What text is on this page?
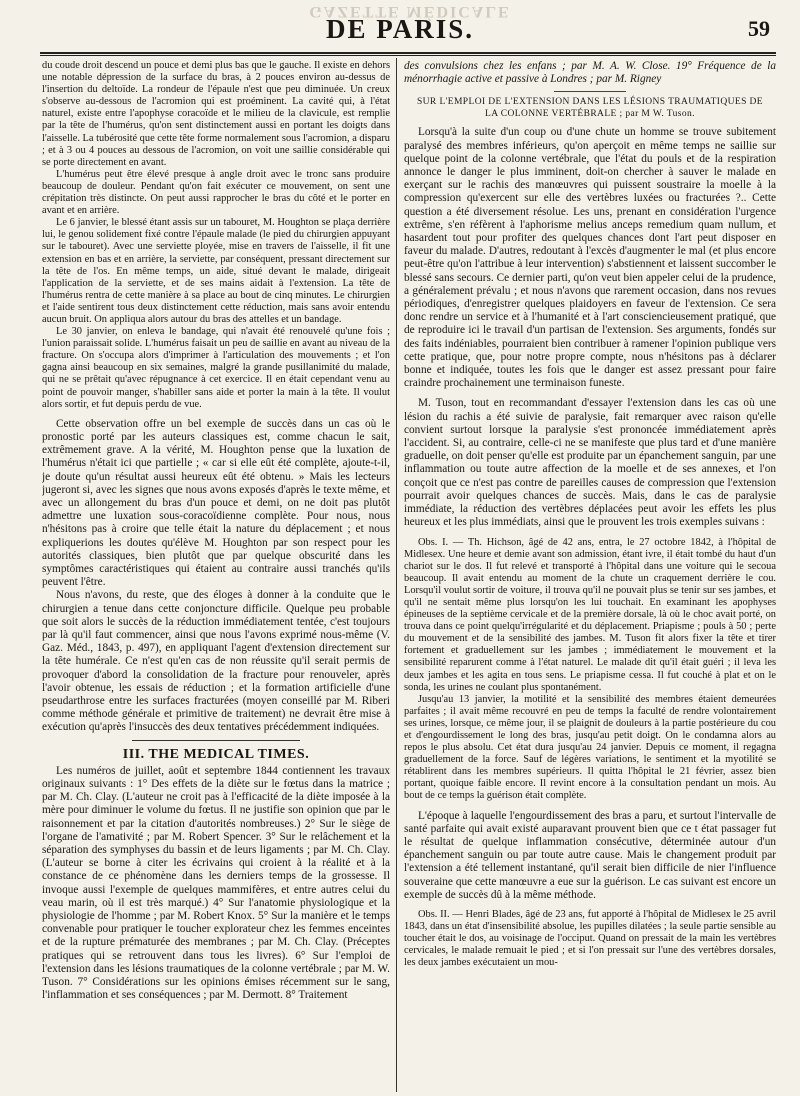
GAZETTE MÉDICALE
DE PARIS.	59

du coude droit descend un pouce et demi plus bas que le gauche. Il existe en dehors une notable dépression de la surface du bras, à 2 pouces environ au-dessus de l'insertion du deltoïde. La rondeur de l'épaule n'est que peu diminuée. Un creux s'observe au-dessous de l'acromion qui est proéminent. La cavité qui, à l'état naturel, existe entre l'apophyse coracoïde et le milieu de la clavicule, est remplie par la tête de l'humérus, qu'on sent distinctement aussi en portant les doigts dans l'aisselle. La tubérosité que cette tête forme normalement sous l'acromion, a disparu ; et à 3 ou 4 pouces au dessous de l'acromion, on voit une saillie considérable qui se porte directement en avant.

L'humérus peut être élevé presque à angle droit avec le tronc sans produire beaucoup de douleur. Pendant qu'on fait exécuter ce mouvement, on sent une crépitation très distincte. On peut aussi rapprocher le bras du côté et le porter en avant et en arrière.

Le 6 janvier, le blessé étant assis sur un tabouret, M. Houghton se plaça derrière lui, le genou solidement fixé contre l'épaule malade (le pied du chirurgien appuyant sur le tabouret). Avec une serviette ployée, mise en travers de l'aisselle, il fit une extension en bas et en arrière, la serviette, par conséquent, pressant directement sur la tête de l'os. En même temps, un aide, situé devant le malade, dirigeait l'application de la serviette, et de ses mains aidait à l'extension. La tête de l'humérus rentra de cette manière à sa place au bout de cinq minutes. Le chirurgien et l'aide sentirent tous deux distinctement cette réduction, mais sans avoir entendu aucun bruit. On appliqua alors autour du bras des attelles et un bandage.

Le 30 janvier, on enleva le bandage, qui n'avait été renouvelé qu'une fois ; l'union paraissait solide. L'humérus faisait un peu de saillie en avant au niveau de la fracture. On s'occupa alors d'imprimer à l'articulation des mouvements ; et l'on gagna ainsi beaucoup en six semaines, malgré la grande pusillanimité du malade, qui ne se prêtait qu'avec répugnance à cet exercice. Il en était cependant venu au point de pouvoir manger, s'habiller sans aide et porter la main à la tête. Il voulut alors sortir, et fut depuis perdu de vue.

Cette observation offre un bel exemple de succès dans un cas où le pronostic porté par les auteurs classiques est, comme chacun le sait, extrêmement grave. A la vérité, M. Houghton pense que la luxation de l'humérus n'était ici que partielle ; « car si elle eût été complète, ajoute-t-il, je doute qu'un résultat aussi heureux eût été obtenu. » Mais les lecteurs jugeront si, avec les signes que nous avons exposés d'après le texte même, et avec un allongement du bras d'un pouce et demi, on ne doit pas plutôt admettre une luxation sous-coracoïdienne complète. Pour nous, nous n'hésitons pas à croire que telle était la nature du déplacement ; et nous expliquerions les doutes qu'élève M. Houghton par son respect pour les autorités classiques, bien plutôt que par quelque obscurité dans les symptômes caractéristiques qui étaient au contraire aussi tranchés qu'ils peuvent l'être.

Nous n'avons, du reste, que des éloges à donner à la conduite que le chirurgien a tenue dans cette conjoncture difficile. Quelque peu probable que soit alors le succès de la réduction immédiatement tentée, c'est toujours par là qu'il faut commencer, ainsi que nous l'avons exprimé nous-même (V. Gaz. Méd., 1843, p. 497), en appliquant l'agent d'extension directement sur la tête humérale. Ce n'est qu'en cas de non réussite qu'il serait permis de provoquer d'abord la consolidation de la fracture pour renouveler, après l'avoir obtenue, les essais de réduction ; et la formation artificielle d'une pseudarthrose entre les surfaces fracturées (moyen conseillé par M. Riberi comme méthode générale et primitive de traitement) ne devrait être mise à exécution qu'après l'insuccès des deux tentatives précédemment indiquées.

III. THE MEDICAL TIMES.

Les numéros de juillet, août et septembre 1844 contiennent les travaux originaux suivants : 1° Des effets de la diète sur le fœtus dans la matrice ; par M. Ch. Clay. (L'auteur ne croit pas à l'efficacité de la diète imposée à la mère pour diminuer le volume du fœtus. Il ne justifie son opinion que par le raisonnement et par la citation d'autorités nombreuses.) 2° Sur le siège de l'organe de l'amativité ; par M. Robert Spencer. 3° Sur le relâchement et la séparation des symphyses du bassin et de leurs ligaments ; par M. Ch. Clay. (L'auteur se borne à citer les écrivains qui croient à la réalité et à la constance de ce phénomène dans les derniers temps de la grossesse. Il invoque aussi l'exemple de quelques mammifères, et entre autres celui du veau marin, où il est très marqué.) 4° Sur l'anatomie physiologique et la physiologie de l'homme ; par M. Robert Knox. 5° Sur la manière et le temps convenable pour pratiquer le toucher explorateur chez les femmes enceintes et de la rupture prématurée des membranes ; par M. Ch. Clay. (Préceptes pratiques qui se retrouvent dans tous les livres). 6° Sur l'emploi de l'extension dans les lésions traumatiques de la colonne vertébrale ; par M. W. Tuson. 7° Considérations sur les opinions émises récemment sur le sang, l'inflammation et ses conséquences ; par M. Dermott. 8° Traitement

des convulsions chez les enfans ; par M. A. W. Close. 19° Fréquence de la ménorrhagie active et passive à Londres ; par M. Rigney

SUR L'EMPLOI DE L'EXTENSION DANS LES LÉSIONS TRAUMATIQUES DE LA COLONNE VERTÉBRALE ; par M W. Tuson.

Lorsqu'à la suite d'un coup ou d'une chute un homme se trouve subitement paralysé des membres inférieurs, qu'on aperçoit en même temps ne saillie sur quelque point de la colonne vertébrale, que l'état du pouls et de la respiration annonce le danger le plus imminent, doit-on chercher à sauver le malade en exerçant sur le rachis des manœuvres qui puissent soustraire la moelle à la compression qu'exercent sur elle des vertèbres luxées ou fracturées ?.. Cette question a été diversement résolue. Les uns, prenant en considération l'urgence extrême, s'en réfèrent à l'aphorisme melius anceps remedium quam nullum, et hasardent tout pour profiter des quelques chances dont l'art peut disposer en faveur du malade. D'autres, redoutant à l'excès d'augmenter le mal (et plus encore peut-être qu'on l'attribue à leur intervention) s'abstiennent et laissent succomber le blessé sans secours. Ce dernier parti, qu'on veut bien appeler celui de la prudence, a généralement prévalu ; et nous n'avons que rarement occasion, dans nos revues périodiques, d'enregistrer quelques plaidoyers en faveur de l'extension. Ce sera donc rendre un service et à l'humanité et à l'art consciencieusement pratiqué, que de reproduire ici le travail d'un partisan de l'extension. Ses arguments, fondés sur des faits indéniables, pourraient bien contribuer à ramener l'opinion publique vers cette pratique, que, pour notre propre compte, nous n'hésitons pas à déclarer bonne et indiquée, toutes les fois que le danger est assez pressant pour faire craindre prochainement une terminaison funeste.

M. Tuson, tout en recommandant d'essayer l'extension dans les cas où une lésion du rachis a été suivie de paralysie, fait remarquer avec raison qu'elle convient surtout lorsque la paralysie s'est prononcée immédiatement après l'accident. Si, au contraire, celle-ci ne se manifeste que plus tard et d'une manière graduelle, on doit penser qu'elle est produite par un épanchement sanguin, par une inflammation ou toute autre affection de la moelle et de ses annexes, et l'on conçoit que ce n'est pas contre de pareilles causes de compression que l'extension pourrait avoir quelques chances de succès. Mais, dans le cas de paralysie immédiate, la réduction des vertèbres déplacées peut avoir les effets les plus heureux et les plus immédiats, ainsi que le prouvent les trois exemples suivans :

Obs. I. — Th. Hichson, âgé de 42 ans, entra, le 27 octobre 1842, à l'hôpital de Midlesex. Une heure et demie avant son admission, étant ivre, il était tombé du haut d'un chariot sur le dos. Il fut relevé et transporté à l'hôpital dans une voiture qui le secoua beaucoup. Il avait entendu au moment de la chute un craquement derrière le cou. Lorsqu'il voulut sortir de voiture, il trouva qu'il ne pouvait plus se tenir sur ses jambes, et qu'il ne sentait même plus lorsqu'on les lui touchait. En examinant les apophyses épineuses de la septième cervicale et de la première dorsale, là où le choc avait porté, on trouva dans ce point quelqu'irrégularité et du déplacement. Priapisme ; pouls à 50 ; perte du mouvement et de la sensibilité des jambes. M. Tuson fit alors fixer la tête et tirer fortement et graduellement sur les jambes ; immédiatement le mouvement et la sensibilité reparurent comme à l'état naturel. Le malade dit qu'il était guéri ; il leva les deux jambes et les agita en tous sens. Le priapisme cessa. Il fut couché à plat et on le sonda, les urines ne coulant plus spontanément.

Jusqu'au 13 janvier, la motilité et la sensibilité des membres étaient demeurées parfaites ; il avait même recouvré en peu de temps la faculté de rendre volontairement ses urines, lorsque, ce même jour, il se plaignit de douleurs à la partie postérieure du cou et d'engourdissement le long des bras, jusqu'au petit doigt. On le condamna alors au repos le plus absolu. Cet état dura jusqu'au 24 janvier. Depuis ce moment, il regagna graduellement de la force. Sauf de légères variations, le sentiment et la myotilité se rétablirent dans les membres supérieurs. Il quitta l'hôpital le 21 février, assez bien portant, quoique faible encore. Il revint encore à la consultation pendant un mois. Au bout de ce temps la guérison était complète.

L'époque à laquelle l'engourdissement des bras a paru, et surtout l'intervalle de santé parfaite qui avait existé auparavant prouvent bien que ce t état passager fut le résultat de quelque inflammation consécutive, déterminée autour d'un épanchement sanguin ou par toute autre cause. Mais le changement produit par l'extension a été tellement instantané, qu'il serait bien difficile de nier l'influence souveraine que cette manœuvre a eue sur la guérison. Le cas suivant est encore un exemple de succès dû à la même méthode.

Obs. II. — Henri Blades, âgé de 23 ans, fut apporté à l'hôpital de Midlesex le 25 avril 1843, dans un état d'insensibilité absolue, les pupilles dilatées ; la seule partie sensible au toucher était le dos, au voisinage de l'occiput. Quand on pressait de la main les vertèbres cervicales, le malade remuait le pied ; et si l'on pressait sur l'une des vertèbres dorsales, les deux jambes exécutaient un mou-
